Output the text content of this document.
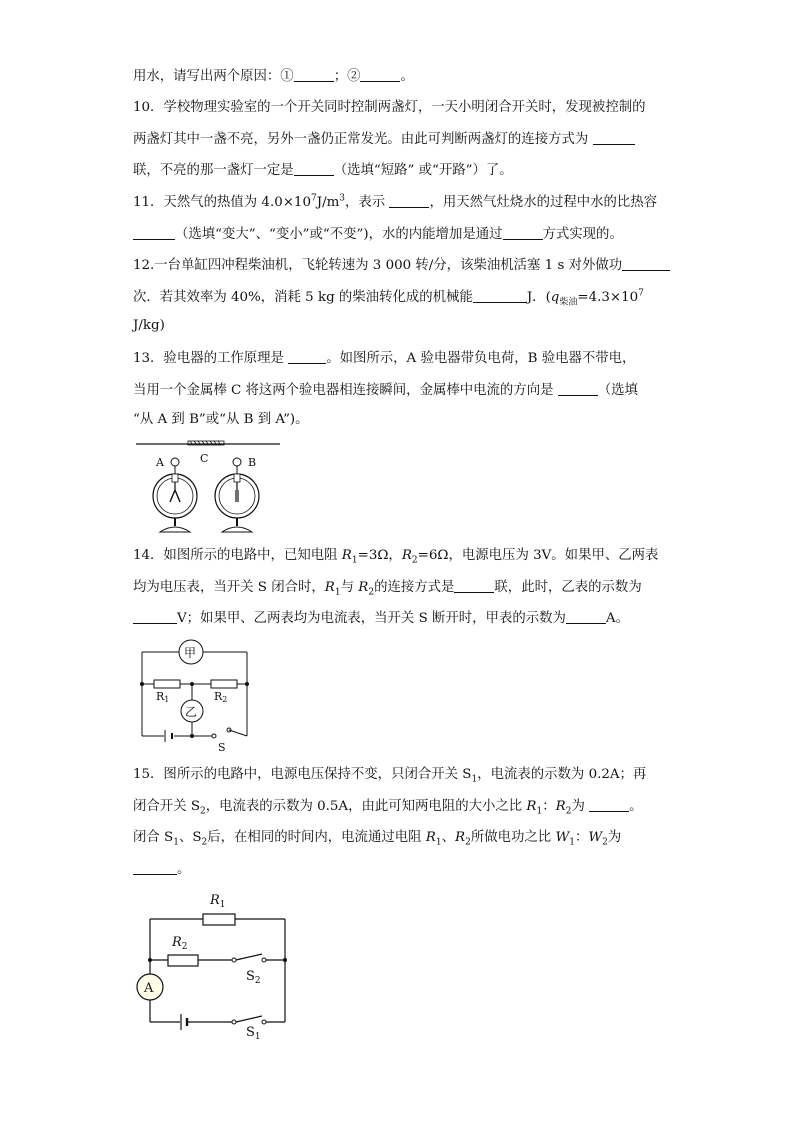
用水，请写出两个原因：①	；②	。
10．学校物理实验室的一个开关同时控制两盏灯，一天小明闭合开关时，发现被控制的
两盏灯其中一盏不亮，另外一盏仍正常发光。由此可判断两盏灯的连接方式为
联，不亮的那一盏灯一定是	（选填“短路” 或“开路”）了。
11．天然气的热值为 $4.0\times 10^7J/m^3$，表示	，用天然气灶烧水的过程中水的比热容
（选填“变大”、“变小”或“不变”)，水的内能增加是通过	方式实现的。
12.一台单缸四冲程柴油机，飞轮转速为 3 000 转/分，该柴油机活塞 1 s 对外做功
次．若其效率为 40%，消耗 5 kg 的柴油转化成的机械能	J．($q_{柴油}=4.3\times 10^7$
J/kg)
13．验电器的工作原理是	。如图所示，A 验电器带负电荷，B 验电器不带电，
当用一个金属棒 C 将这两个验电器相连接瞬间，金属棒中电流的方向是	（选填
“从 A 到 B”或“从 B 到 A”)。
C
A	B
14．如图所示的电路中，已知电阻 $R_1=3\Omega$，$R_2=6\Omega$，电源电压为 3V。如果甲、乙两表
均为电压表，当开关 S 闭合时，$R_1$与 $R_2$的连接方式是	联，此时，乙表的示数为
V；如果甲、乙两表均为电流表，当开关 S 断开时，甲表的示数为	A。
甲
R1	R2
乙
S
15．图所示的电路中，电源电压保持不变，只闭合开关 $S_1$，电流表的示数为 0.2A；再
闭合开关 $S_2$，电流表的示数为 0.5A，由此可知两电阻的大小之比 $R_1$：$R_2$为	。
闭合 $S_1$、$S_2$后，在相同的时间内，电流通过电阻 $R_1$、$R_2$所做电功之比 $W_1$：$W_2$为
。
$R_1$
$R_2$
$S_2$
A
$S_1$
